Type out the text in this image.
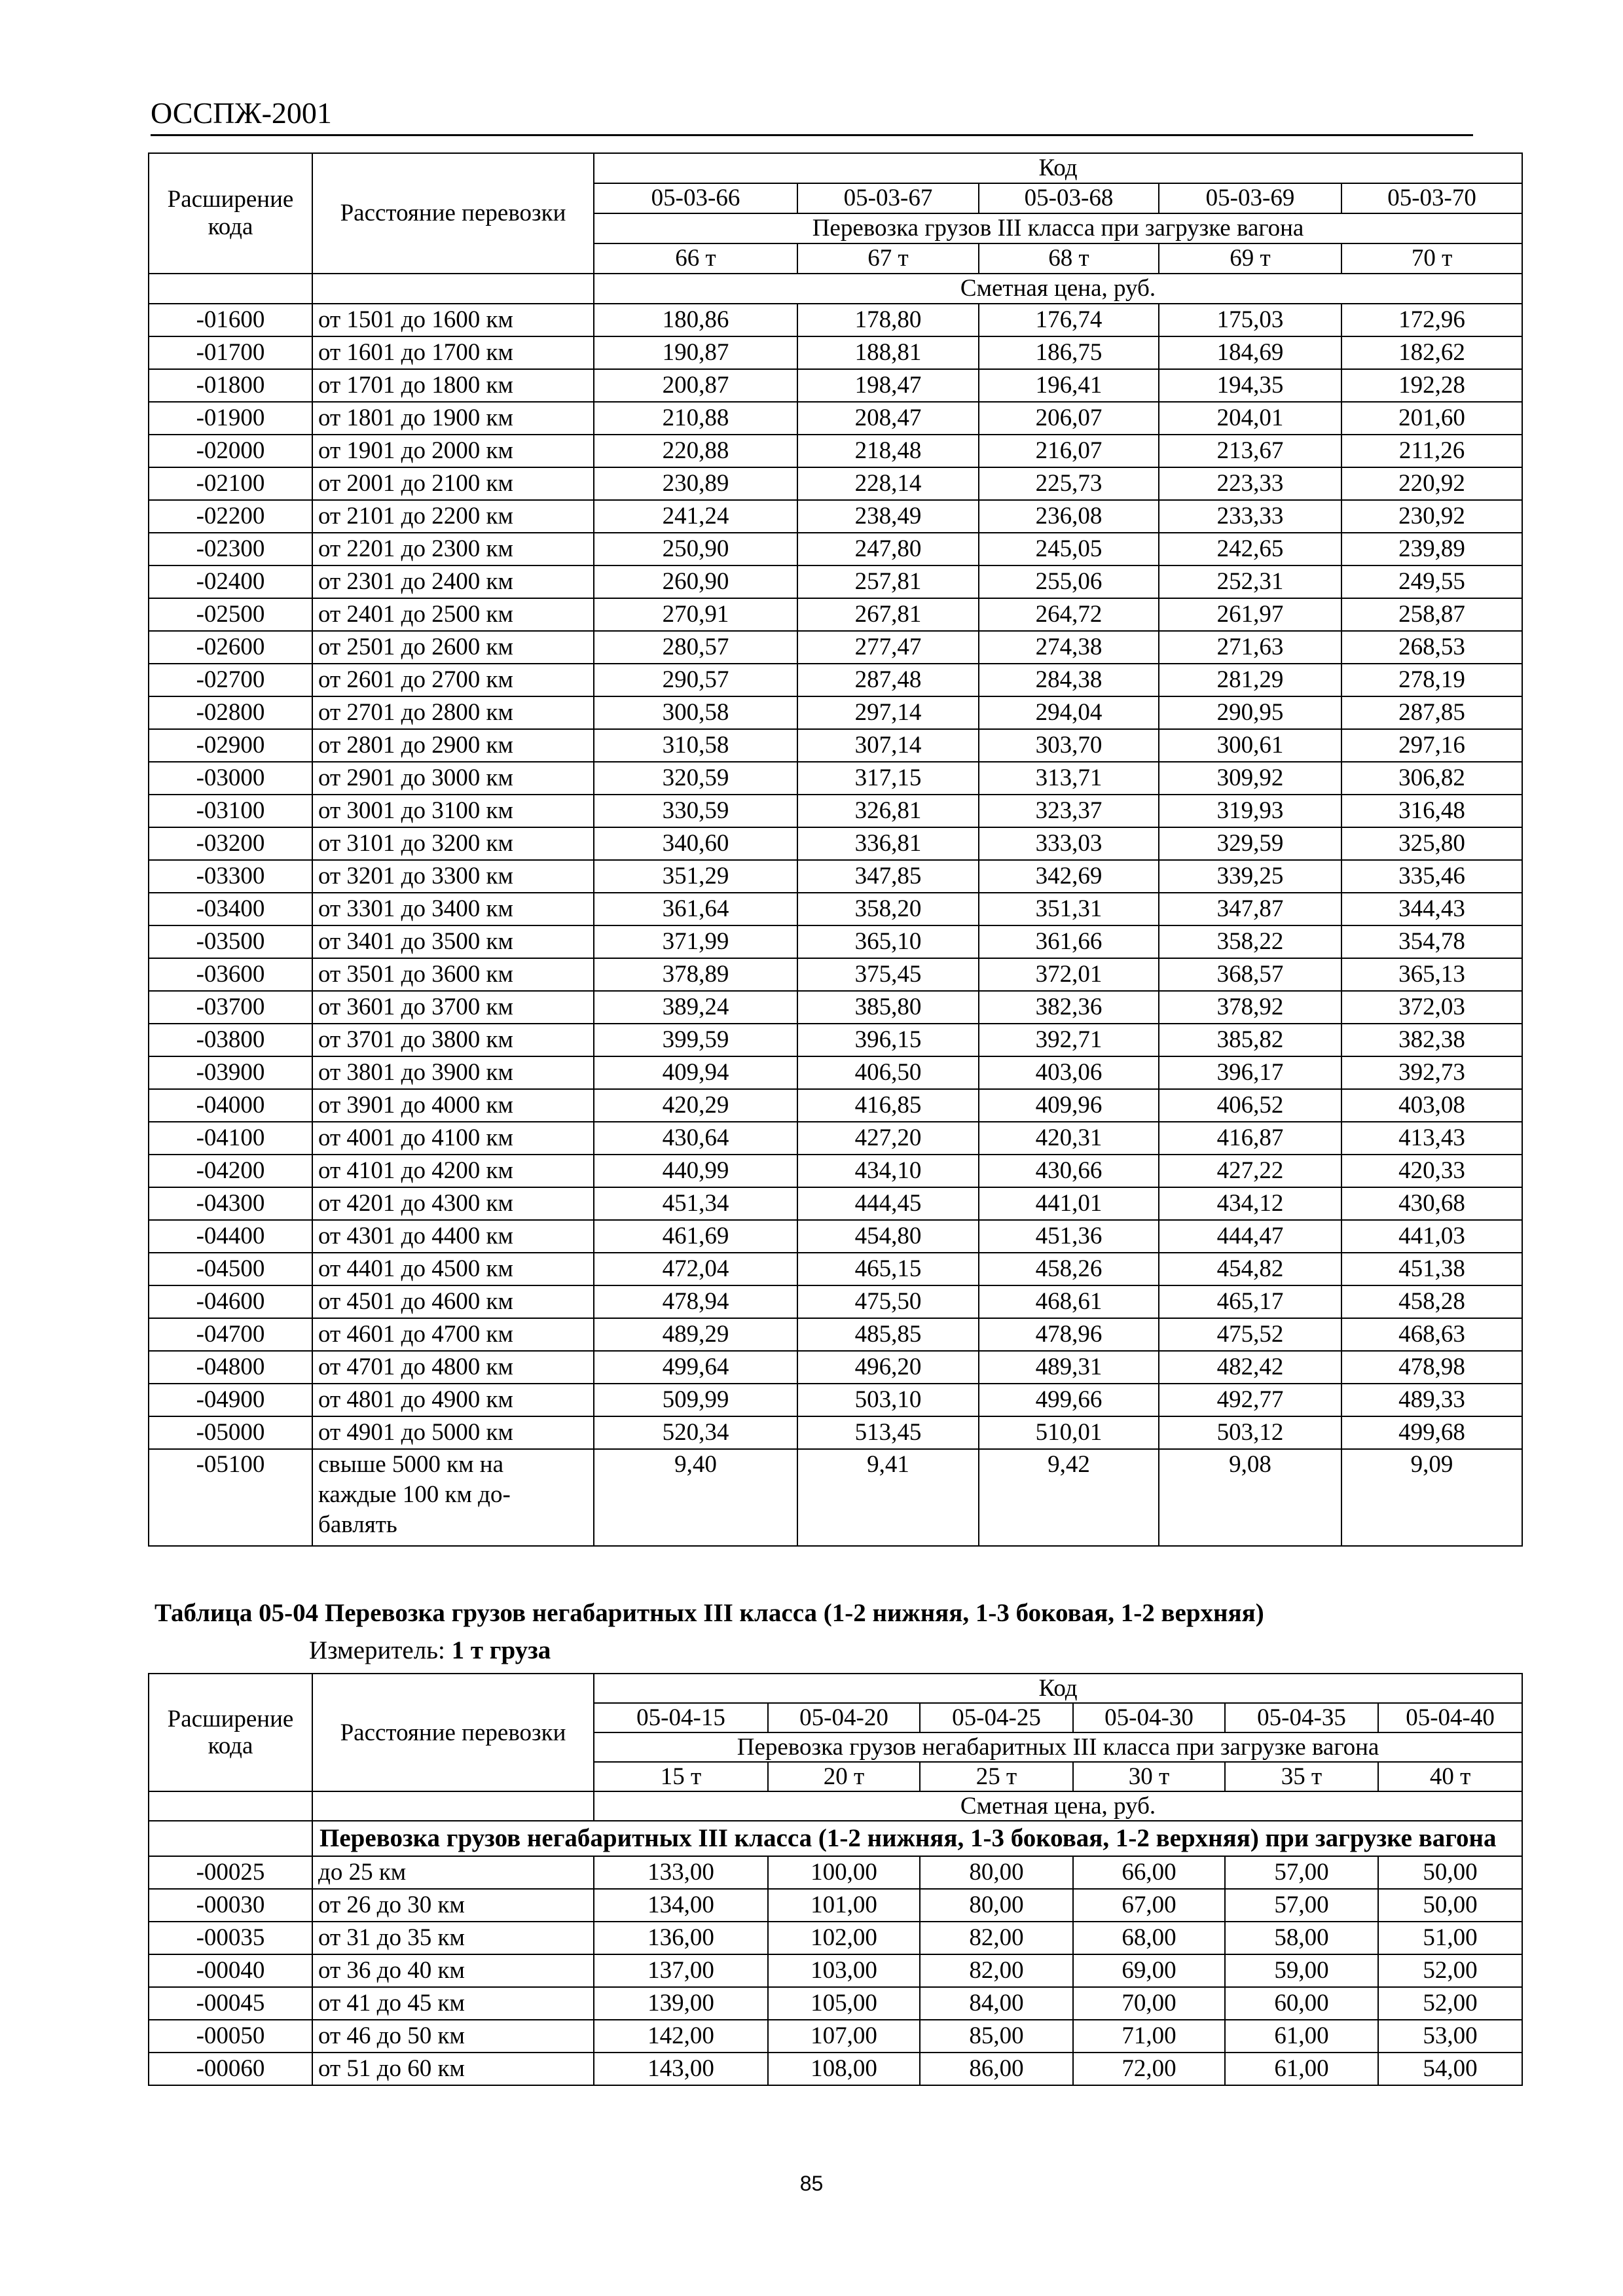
ОССПЖ-2001
Расширение кода	Расстояние перевозки	Код				
		05-03-66	05-03-67	05-03-68	05-03-69	05-03-70
		Перевозка грузов III класса при загрузке вагона				
		66 т	67 т	68 т	69 т	70 т
		Сметная цена, руб.				
-01600	от 1501 до 1600 км	180,86	178,80	176,74	175,03	172,96
-01700	от 1601 до 1700 км	190,87	188,81	186,75	184,69	182,62
-01800	от 1701 до 1800 км	200,87	198,47	196,41	194,35	192,28
-01900	от 1801 до 1900 км	210,88	208,47	206,07	204,01	201,60
-02000	от 1901 до 2000 км	220,88	218,48	216,07	213,67	211,26
-02100	от 2001 до 2100 км	230,89	228,14	225,73	223,33	220,92
-02200	от 2101 до 2200 км	241,24	238,49	236,08	233,33	230,92
-02300	от 2201 до 2300 км	250,90	247,80	245,05	242,65	239,89
-02400	от 2301 до 2400 км	260,90	257,81	255,06	252,31	249,55
-02500	от 2401 до 2500 км	270,91	267,81	264,72	261,97	258,87
-02600	от 2501 до 2600 км	280,57	277,47	274,38	271,63	268,53
-02700	от 2601 до 2700 км	290,57	287,48	284,38	281,29	278,19
-02800	от 2701 до 2800 км	300,58	297,14	294,04	290,95	287,85
-02900	от 2801 до 2900 км	310,58	307,14	303,70	300,61	297,16
-03000	от 2901 до 3000 км	320,59	317,15	313,71	309,92	306,82
-03100	от 3001 до 3100 км	330,59	326,81	323,37	319,93	316,48
-03200	от 3101 до 3200 км	340,60	336,81	333,03	329,59	325,80
-03300	от 3201 до 3300 км	351,29	347,85	342,69	339,25	335,46
-03400	от 3301 до 3400 км	361,64	358,20	351,31	347,87	344,43
-03500	от 3401 до 3500 км	371,99	365,10	361,66	358,22	354,78
-03600	от 3501 до 3600 км	378,89	375,45	372,01	368,57	365,13
-03700	от 3601 до 3700 км	389,24	385,80	382,36	378,92	372,03
-03800	от 3701 до 3800 км	399,59	396,15	392,71	385,82	382,38
-03900	от 3801 до 3900 км	409,94	406,50	403,06	396,17	392,73
-04000	от 3901 до 4000 км	420,29	416,85	409,96	406,52	403,08
-04100	от 4001 до 4100 км	430,64	427,20	420,31	416,87	413,43
-04200	от 4101 до 4200 км	440,99	434,10	430,66	427,22	420,33
-04300	от 4201 до 4300 км	451,34	444,45	441,01	434,12	430,68
-04400	от 4301 до 4400 км	461,69	454,80	451,36	444,47	441,03
-04500	от 4401 до 4500 км	472,04	465,15	458,26	454,82	451,38
-04600	от 4501 до 4600 км	478,94	475,50	468,61	465,17	458,28
-04700	от 4601 до 4700 км	489,29	485,85	478,96	475,52	468,63
-04800	от 4701 до 4800 км	499,64	496,20	489,31	482,42	478,98
-04900	от 4801 до 4900 км	509,99	503,10	499,66	492,77	489,33
-05000	от 4901 до 5000 км	520,34	513,45	510,01	503,12	499,68
-05100	свыше 5000 км на
каждые 100 км до-
бавлять	9,40	9,41	9,42	9,08	9,09
Таблица 05-04 Перевозка грузов негабаритных III класса (1-2 нижняя, 1-3 боковая, 1-2 верхняя)
Измеритель: 1 т груза
Расширение кода	Расстояние перевозки	Код					
		05-04-15	05-04-20	05-04-25	05-04-30	05-04-35	05-04-40
		Перевозка грузов негабаритных III класса при загрузке вагона					
		15 т	20 т	25 т	30 т	35 т	40 т
		Сметная цена, руб.					
	Перевозка грузов негабаритных III класса (1-2 нижняя, 1-3 боковая, 1-2 верхняя) при загрузке вагона						
-00025	до 25 км	133,00	100,00	80,00	66,00	57,00	50,00
-00030	от 26 до 30 км	134,00	101,00	80,00	67,00	57,00	50,00
-00035	от 31 до 35 км	136,00	102,00	82,00	68,00	58,00	51,00
-00040	от 36 до 40 км	137,00	103,00	82,00	69,00	59,00	52,00
-00045	от 41 до 45 км	139,00	105,00	84,00	70,00	60,00	52,00
-00050	от 46 до 50 км	142,00	107,00	85,00	71,00	61,00	53,00
-00060	от 51 до 60 км	143,00	108,00	86,00	72,00	61,00	54,00
85
